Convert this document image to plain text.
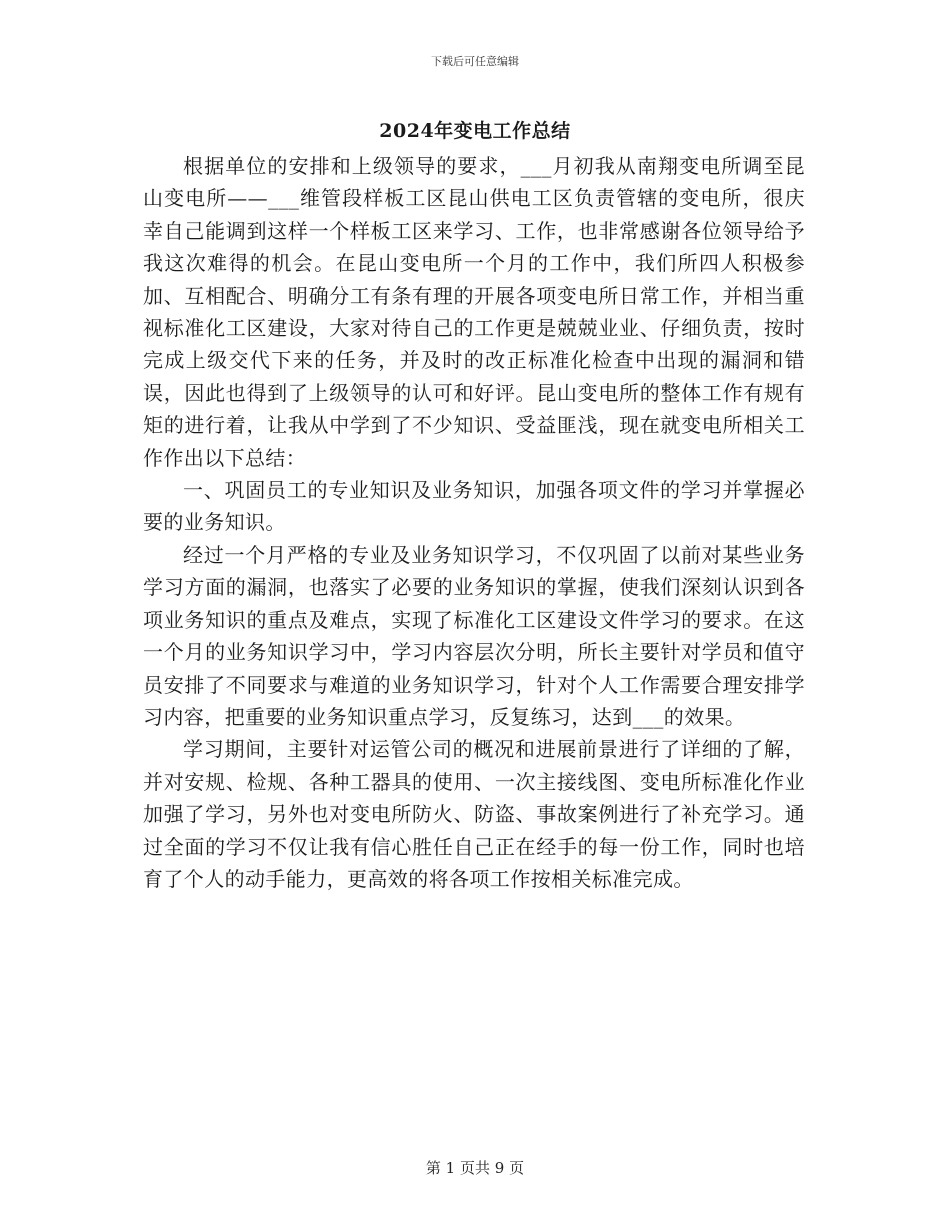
下载后可任意编辑
2024年变电工作总结

根据单位的安排和上级领导的要求，___月初我从南翔变电所调至昆山变电所——___维管段样板工区昆山供电工区负责管辖的变电所，很庆幸自己能调到这样一个样板工区来学习、工作，也非常感谢各位领导给予我这次难得的机会。在昆山变电所一个月的工作中，我们所四人积极参加、互相配合、明确分工有条有理的开展各项变电所日常工作，并相当重视标准化工区建设，大家对待自己的工作更是兢兢业业、仔细负责，按时完成上级交代下来的任务，并及时的改正标准化检查中出现的漏洞和错误，因此也得到了上级领导的认可和好评。昆山变电所的整体工作有规有矩的进行着，让我从中学到了不少知识、受益匪浅，现在就变电所相关工作作出以下总结：

一、巩固员工的专业知识及业务知识，加强各项文件的学习并掌握必要的业务知识。

经过一个月严格的专业及业务知识学习，不仅巩固了以前对某些业务学习方面的漏洞，也落实了必要的业务知识的掌握，使我们深刻认识到各项业务知识的重点及难点，实现了标准化工区建设文件学习的要求。在这一个月的业务知识学习中，学习内容层次分明，所长主要针对学员和值守员安排了不同要求与难道的业务知识学习，针对个人工作需要合理安排学习内容，把重要的业务知识重点学习，反复练习，达到___的效果。

学习期间，主要针对运管公司的概况和进展前景进行了详细的了解，并对安规、检规、各种工器具的使用、一次主接线图、变电所标准化作业加强了学习，另外也对变电所防火、防盗、事故案例进行了补充学习。通过全面的学习不仅让我有信心胜任自己正在经手的每一份工作，同时也培育了个人的动手能力，更高效的将各项工作按相关标准完成。

第 1 页共 9 页
